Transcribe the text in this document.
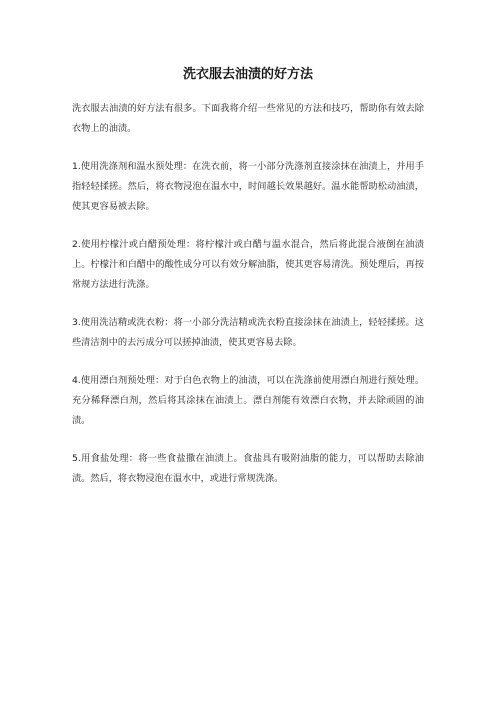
洗衣服去油渍的好方法

洗衣服去油渍的好方法有很多。下面我将介绍一些常见的方法和技巧，帮助你有效去除衣物上的油渍。

1.使用洗涤剂和温水预处理：在洗衣前，将一小部分洗涤剂直接涂抹在油渍上，并用手指轻轻揉搓。然后，将衣物浸泡在温水中，时间越长效果越好。温水能帮助松动油渍，使其更容易被去除。

2.使用柠檬汁或白醋预处理：将柠檬汁或白醋与温水混合，然后将此混合液倒在油渍上。柠檬汁和白醋中的酸性成分可以有效分解油脂，使其更容易清洗。预处理后，再按常规方法进行洗涤。

3.使用洗洁精或洗衣粉：将一小部分洗洁精或洗衣粉直接涂抹在油渍上，轻轻揉搓。这些清洁剂中的去污成分可以搓掉油渍，使其更容易去除。

4.使用漂白剂预处理：对于白色衣物上的油渍，可以在洗涤前使用漂白剂进行预处理。充分稀释漂白剂，然后将其涂抹在油渍上。漂白剂能有效漂白衣物，并去除顽固的油渍。

5.用食盐处理：将一些食盐撒在油渍上。食盐具有吸附油脂的能力，可以帮助去除油渍。然后，将衣物浸泡在温水中，或进行常规洗涤。
